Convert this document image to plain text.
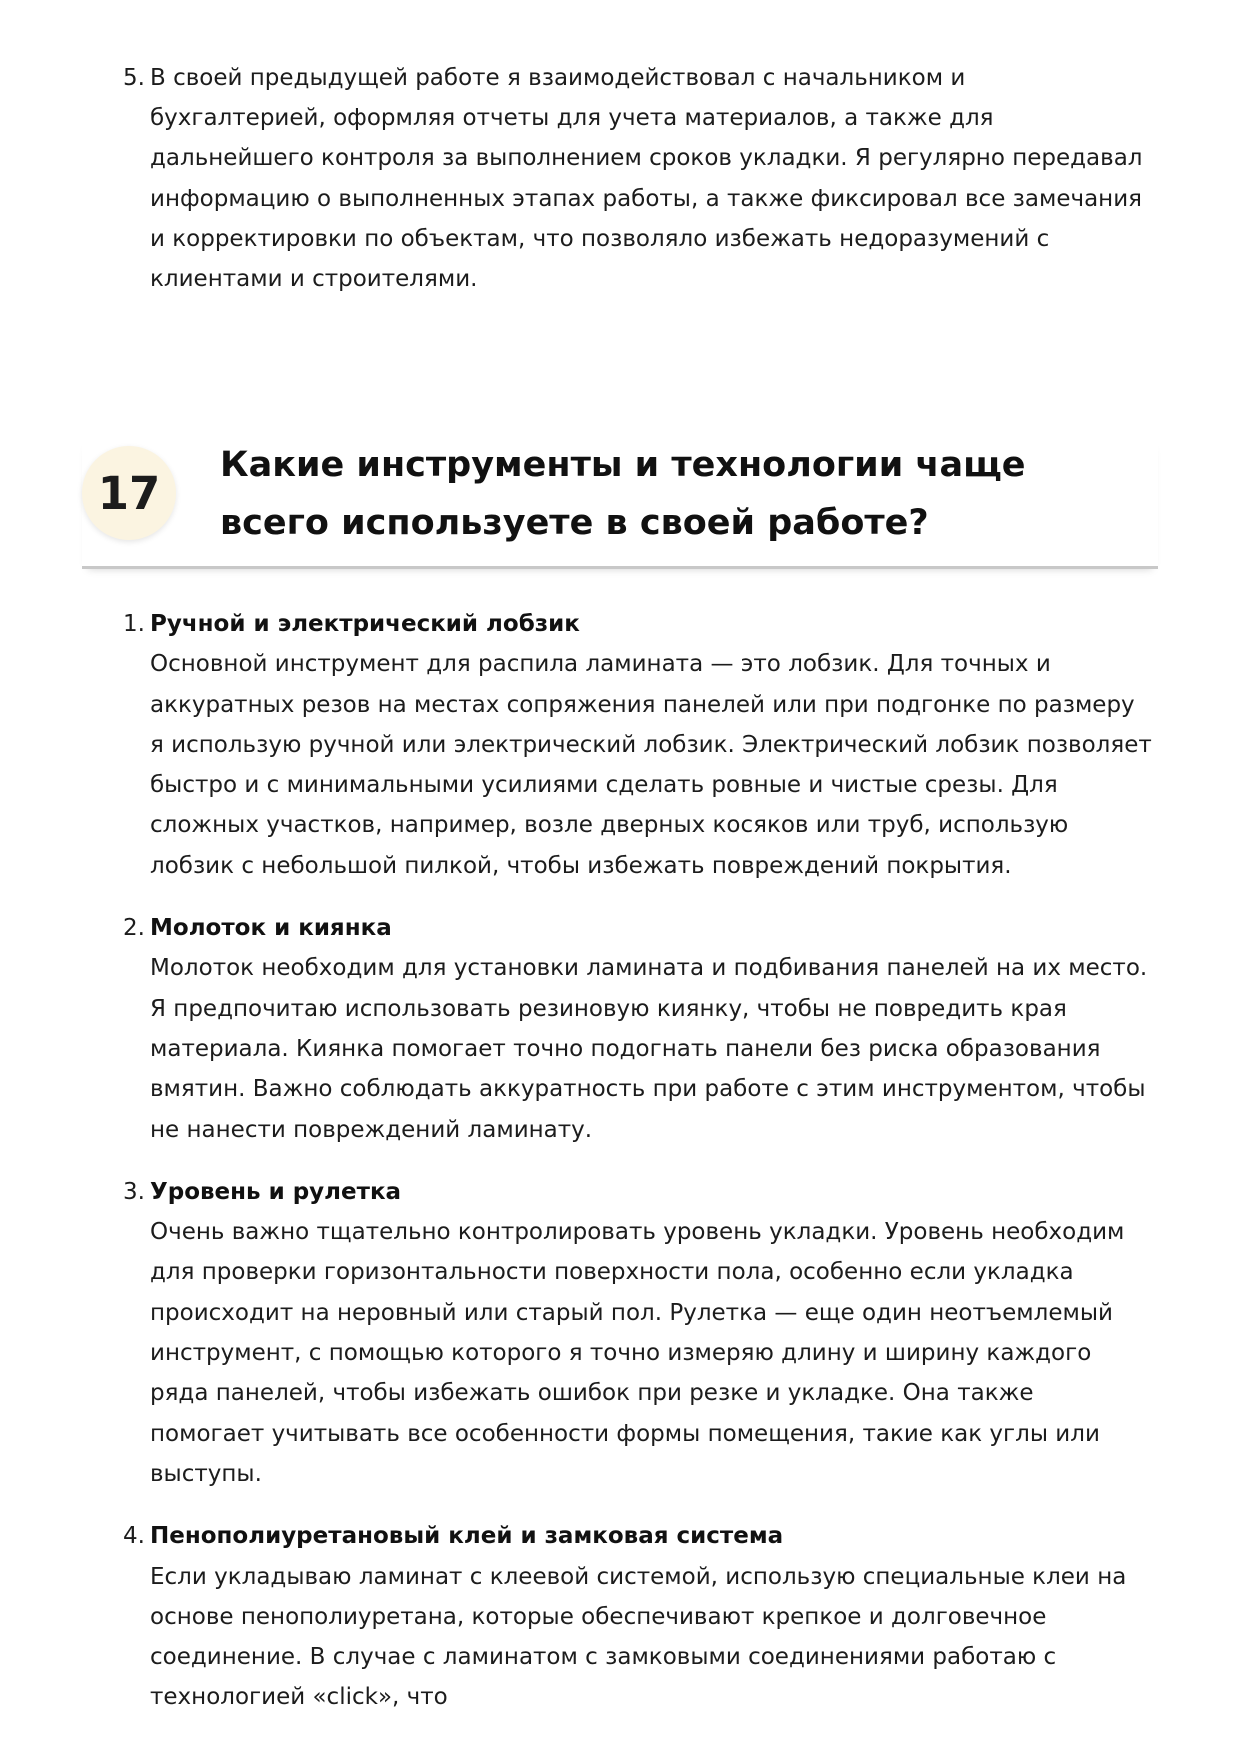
5. В своей предыдущей работе я взаимодействовал с начальником и бухгалтерией, оформляя отчеты для учета материалов, а также для дальнейшего контроля за выполнением сроков укладки. Я регулярно передавал информацию о выполненных этапах работы, а также фиксировал все замечания и корректировки по объектам, что позволяло избежать недоразумений с клиентами и строителями.
17
Какие инструменты и технологии чаще всего используете в своей работе?
1. Ручной и электрический лобзик
Основной инструмент для распила ламината — это лобзик. Для точных и аккуратных резов на местах сопряжения панелей или при подгонке по размеру я использую ручной или электрический лобзик. Электрический лобзик позволяет быстро и с минимальными усилиями сделать ровные и чистые срезы. Для сложных участков, например, возле дверных косяков или труб, использую лобзик с небольшой пилкой, чтобы избежать повреждений покрытия.
2. Молоток и киянка
Молоток необходим для установки ламината и подбивания панелей на их место. Я предпочитаю использовать резиновую киянку, чтобы не повредить края материала. Киянка помогает точно подогнать панели без риска образования вмятин. Важно соблюдать аккуратность при работе с этим инструментом, чтобы не нанести повреждений ламинату.
3. Уровень и рулетка
Очень важно тщательно контролировать уровень укладки. Уровень необходим для проверки горизонтальности поверхности пола, особенно если укладка происходит на неровный или старый пол. Рулетка — еще один неотъемлемый инструмент, с помощью которого я точно измеряю длину и ширину каждого ряда панелей, чтобы избежать ошибок при резке и укладке. Она также помогает учитывать все особенности формы помещения, такие как углы или выступы.
4. Пенополиуретановый клей и замковая система
Если укладываю ламинат с клеевой системой, использую специальные клеи на основе пенополиуретана, которые обеспечивают крепкое и долговечное соединение. В случае с ламинатом с замковыми соединениями работаю с технологией «click», что
